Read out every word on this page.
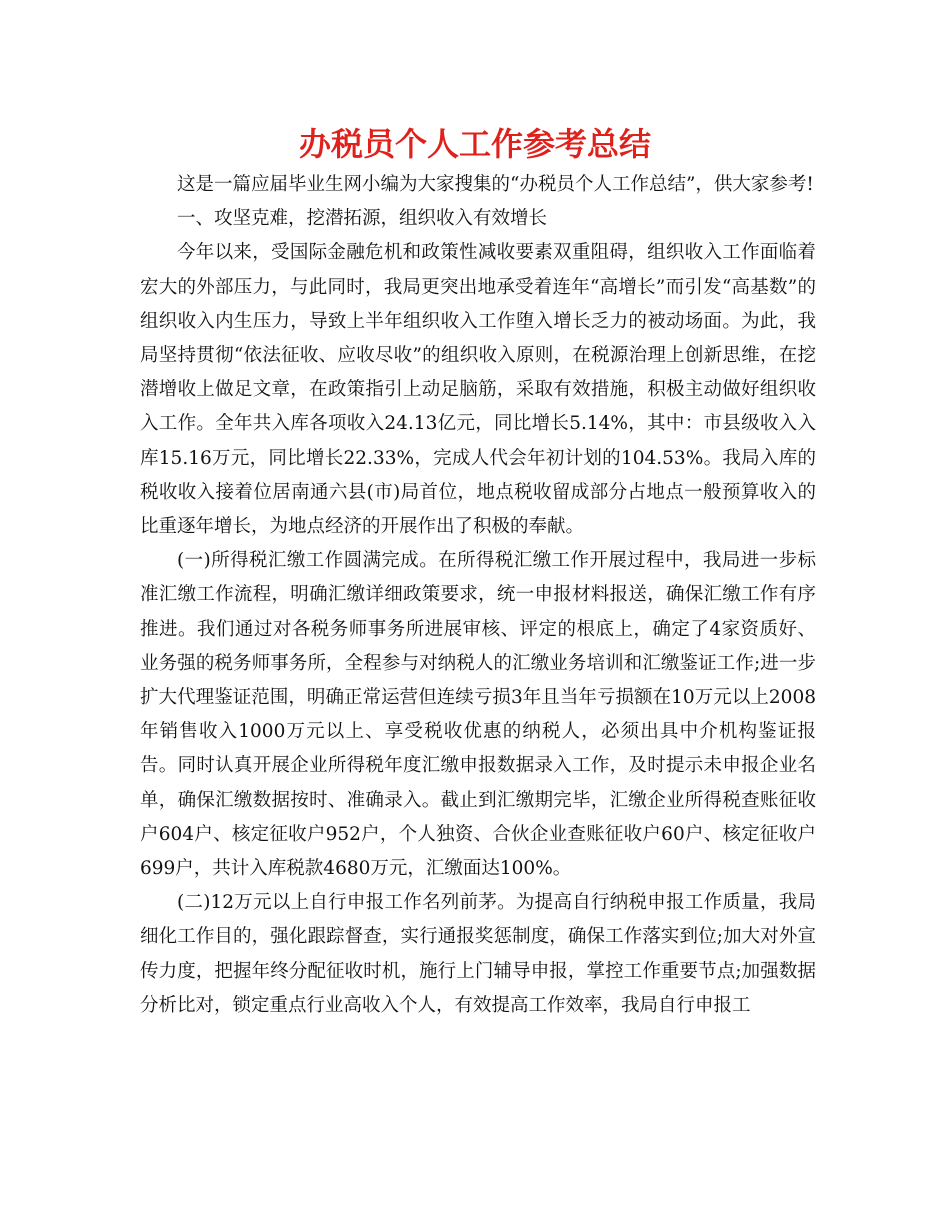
办税员个人工作参考总结

这是一篇应届毕业生网小编为大家搜集的“办税员个人工作总结”，供大家参考!

一、攻坚克难，挖潜拓源，组织收入有效增长

今年以来，受国际金融危机和政策性减收要素双重阻碍，组织收入工作面临着宏大的外部压力，与此同时，我局更突出地承受着连年“高增长”而引发“高基数”的组织收入内生压力，导致上半年组织收入工作堕入增长乏力的被动场面。为此，我局坚持贯彻“依法征收、应收尽收”的组织收入原则，在税源治理上创新思维，在挖潜增收上做足文章，在政策指引上动足脑筋，采取有效措施，积极主动做好组织收入工作。全年共入库各项收入24.13亿元，同比增长5.14%，其中：市县级收入入库15.16万元，同比增长22.33%，完成人代会年初计划的104.53%。我局入库的税收收入接着位居南通六县(市)局首位，地点税收留成部分占地点一般预算收入的比重逐年增长，为地点经济的开展作出了积极的奉献。

(一)所得税汇缴工作圆满完成。在所得税汇缴工作开展过程中，我局进一步标准汇缴工作流程，明确汇缴详细政策要求，统一申报材料报送，确保汇缴工作有序推进。我们通过对各税务师事务所进展审核、评定的根底上，确定了4家资质好、业务强的税务师事务所，全程参与对纳税人的汇缴业务培训和汇缴鉴证工作;进一步扩大代理鉴证范围，明确正常运营但连续亏损3年且当年亏损额在10万元以上2008年销售收入1000万元以上、享受税收优惠的纳税人，必须出具中介机构鉴证报告。同时认真开展企业所得税年度汇缴申报数据录入工作，及时提示未申报企业名单，确保汇缴数据按时、准确录入。截止到汇缴期完毕，汇缴企业所得税查账征收户604户、核定征收户952户，个人独资、合伙企业查账征收户60户、核定征收户699户，共计入库税款4680万元，汇缴面达100%。

(二)12万元以上自行申报工作名列前茅。为提高自行纳税申报工作质量，我局细化工作目的，强化跟踪督查，实行通报奖惩制度，确保工作落实到位;加大对外宣传力度，把握年终分配征收时机，施行上门辅导申报，掌控工作重要节点;加强数据分析比对，锁定重点行业高收入个人，有效提高工作效率，我局自行申报工
